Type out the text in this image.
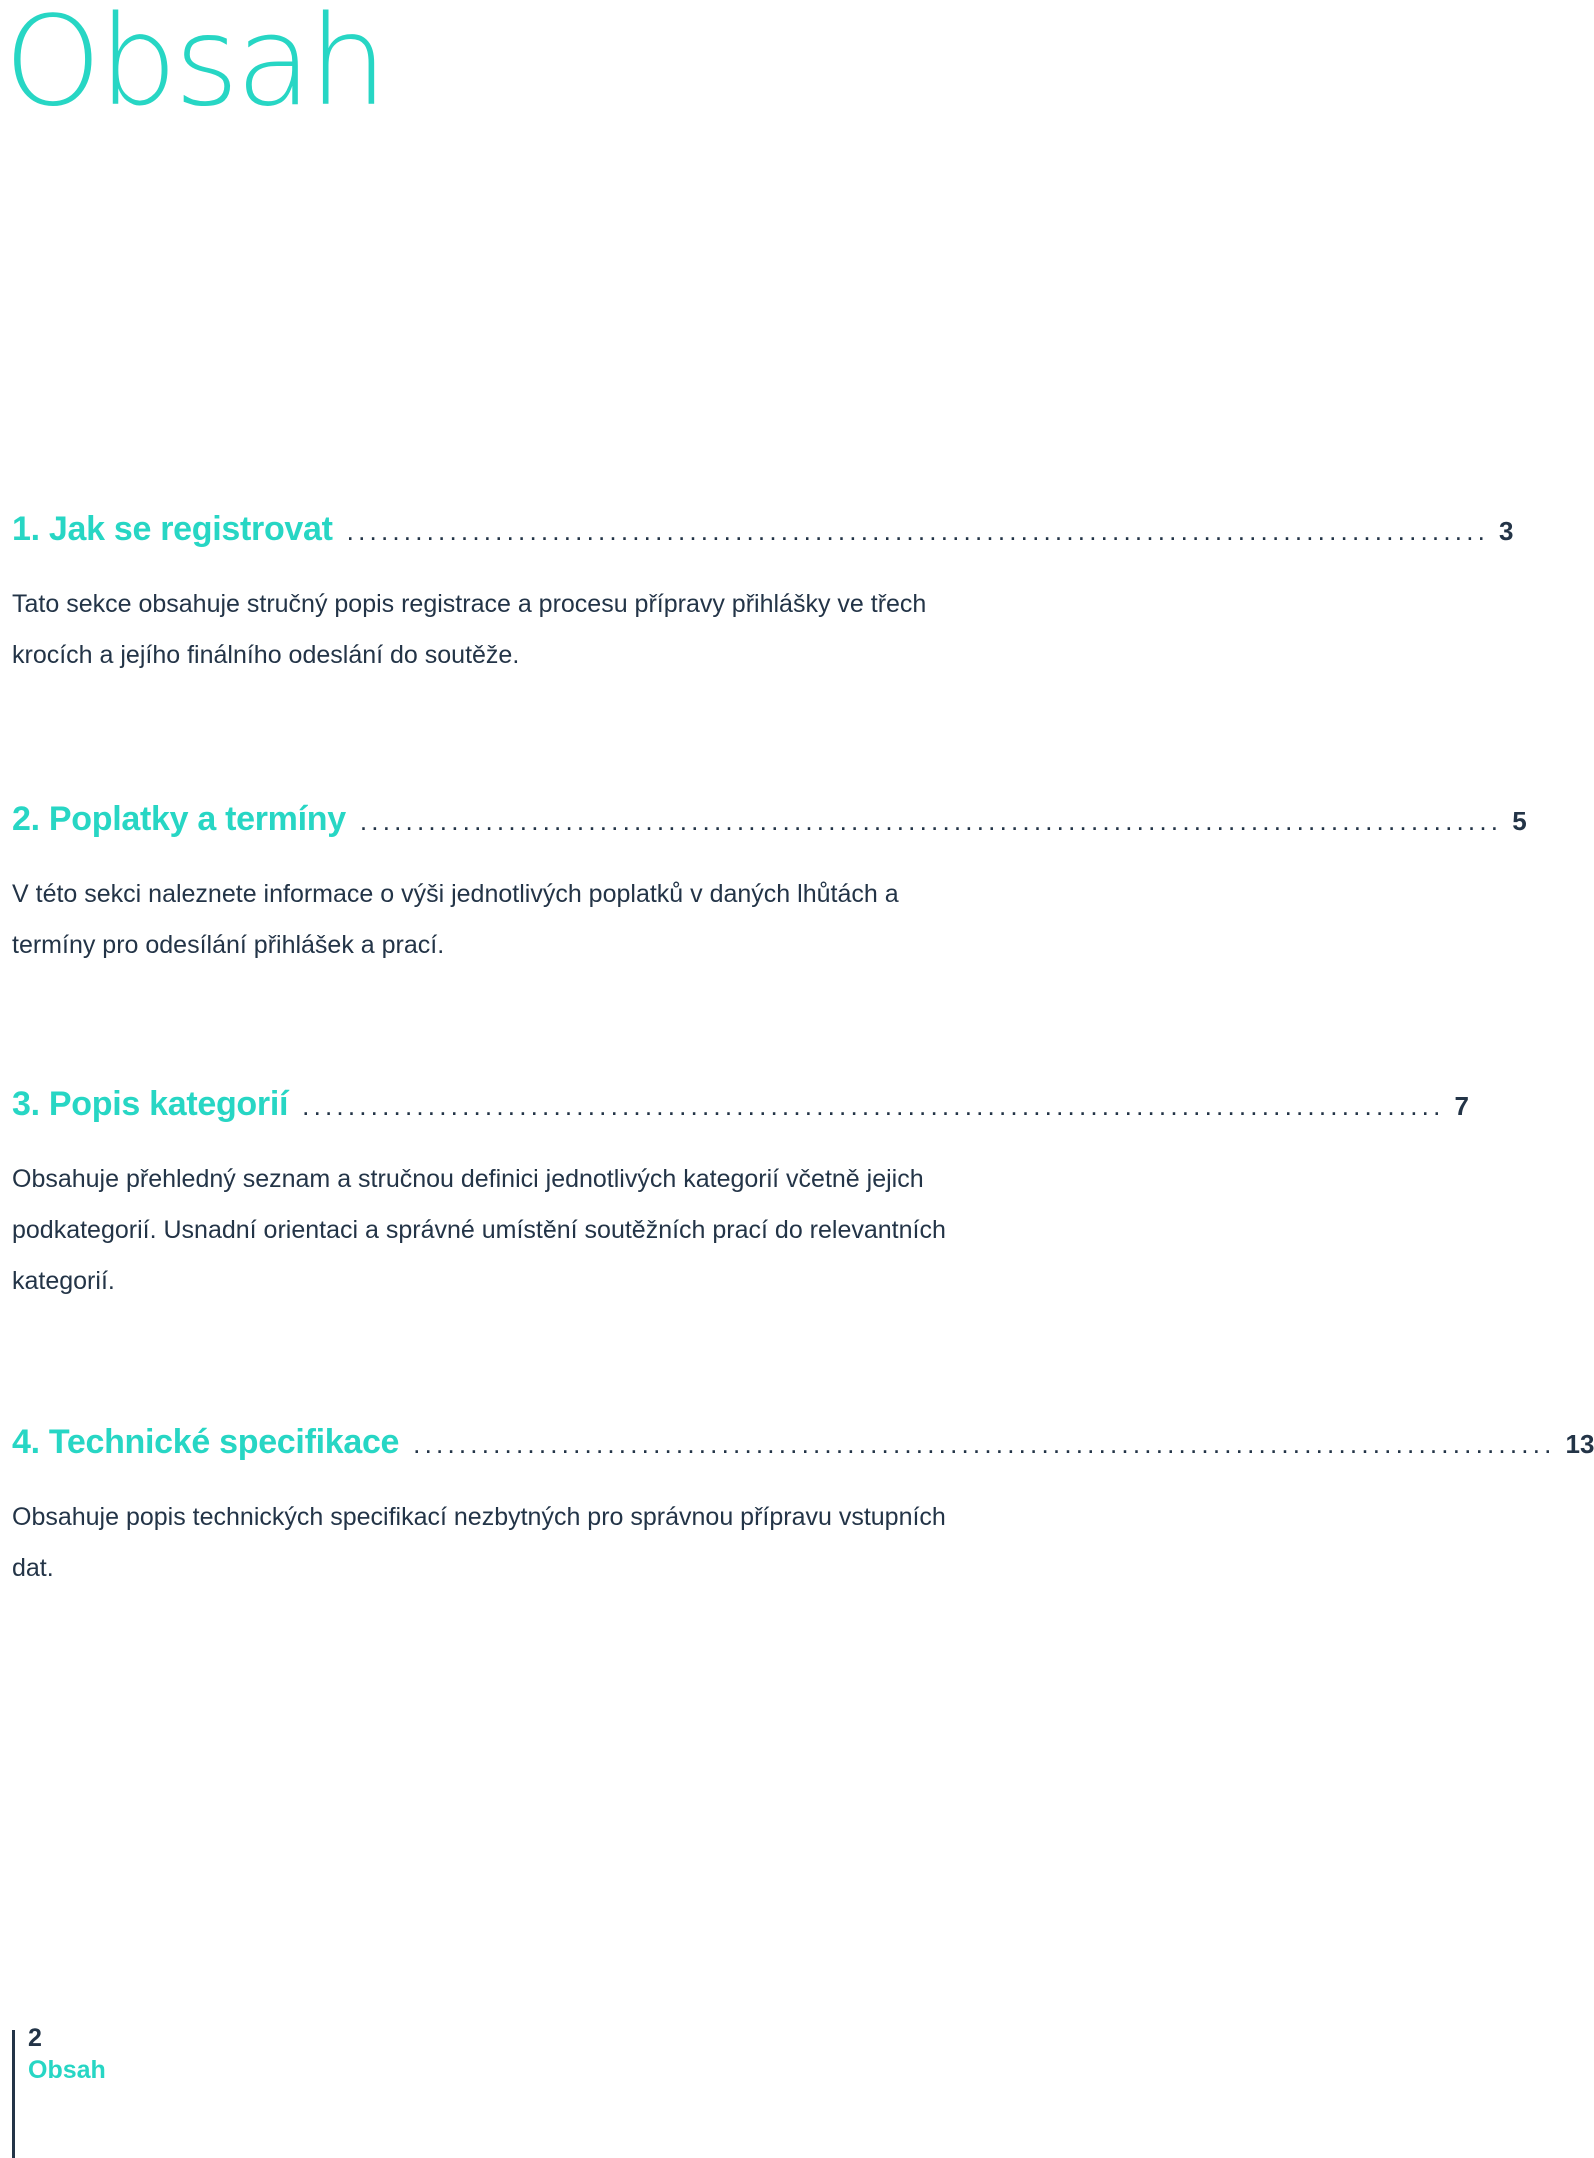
Obsah
1. Jak se registrovat .................................................................................................... 3

Tato sekce obsahuje stručný popis registrace a procesu přípravy přihlášky ve třech krocích a jejího finálního odeslání do soutěže.

2. Poplatky a termíny .................................................................................................... 5

V této sekci naleznete informace o výši jednotlivých poplatků v daných lhůtách a termíny pro odesílání přihlášek a prací.

3. Popis kategorií .................................................................................................... 7

Obsahuje přehledný seznam a stručnou definici jednotlivých kategorií včetně jejich podkategorií. Usnadní orientaci a správné umístění soutěžních prací do relevantních kategorií.

4. Technické specifikace .................................................................................................... 13

Obsahuje popis technických specifikací nezbytných pro správnou přípravu vstupních dat.

2
Obsah
